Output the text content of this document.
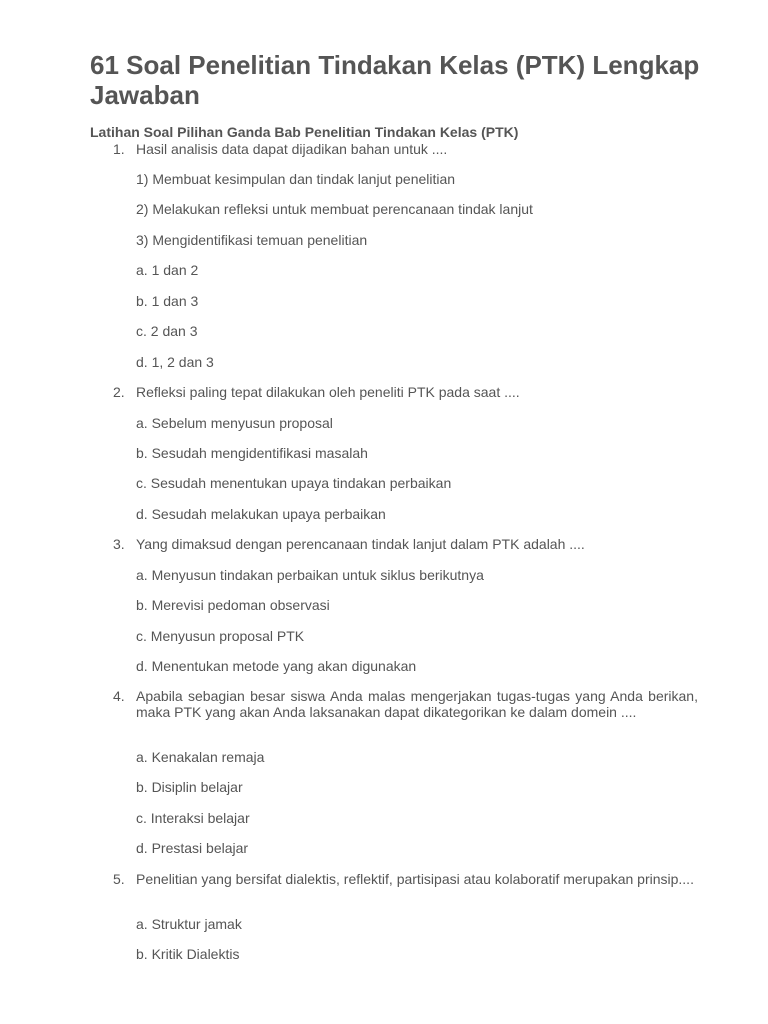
61 Soal Penelitian Tindakan Kelas (PTK) Lengkap Jawaban

Latihan Soal Pilihan Ganda Bab Penelitian Tindakan Kelas (PTK)

1. Hasil analisis data dapat dijadikan bahan untuk ....
1) Membuat kesimpulan dan tindak lanjut penelitian
2) Melakukan refleksi untuk membuat perencanaan tindak lanjut
3) Mengidentifikasi temuan penelitian
a. 1 dan 2
b. 1 dan 3
c. 2 dan 3
d. 1, 2 dan 3
2. Refleksi paling tepat dilakukan oleh peneliti PTK pada saat ....
a. Sebelum menyusun proposal
b. Sesudah mengidentifikasi masalah
c. Sesudah menentukan upaya tindakan perbaikan
d. Sesudah melakukan upaya perbaikan
3. Yang dimaksud dengan perencanaan tindak lanjut dalam PTK adalah ....
a. Menyusun tindakan perbaikan untuk siklus berikutnya
b. Merevisi pedoman observasi
c. Menyusun proposal PTK
d. Menentukan metode yang akan digunakan
4. Apabila sebagian besar siswa Anda malas mengerjakan tugas-tugas yang Anda berikan, maka PTK yang akan Anda laksanakan dapat dikategorikan ke dalam domein ....
a. Kenakalan remaja
b. Disiplin belajar
c. Interaksi belajar
d. Prestasi belajar
5. Penelitian yang bersifat dialektis, reflektif, partisipasi atau kolaboratif merupakan prinsip....
a. Struktur jamak
b. Kritik Dialektis
